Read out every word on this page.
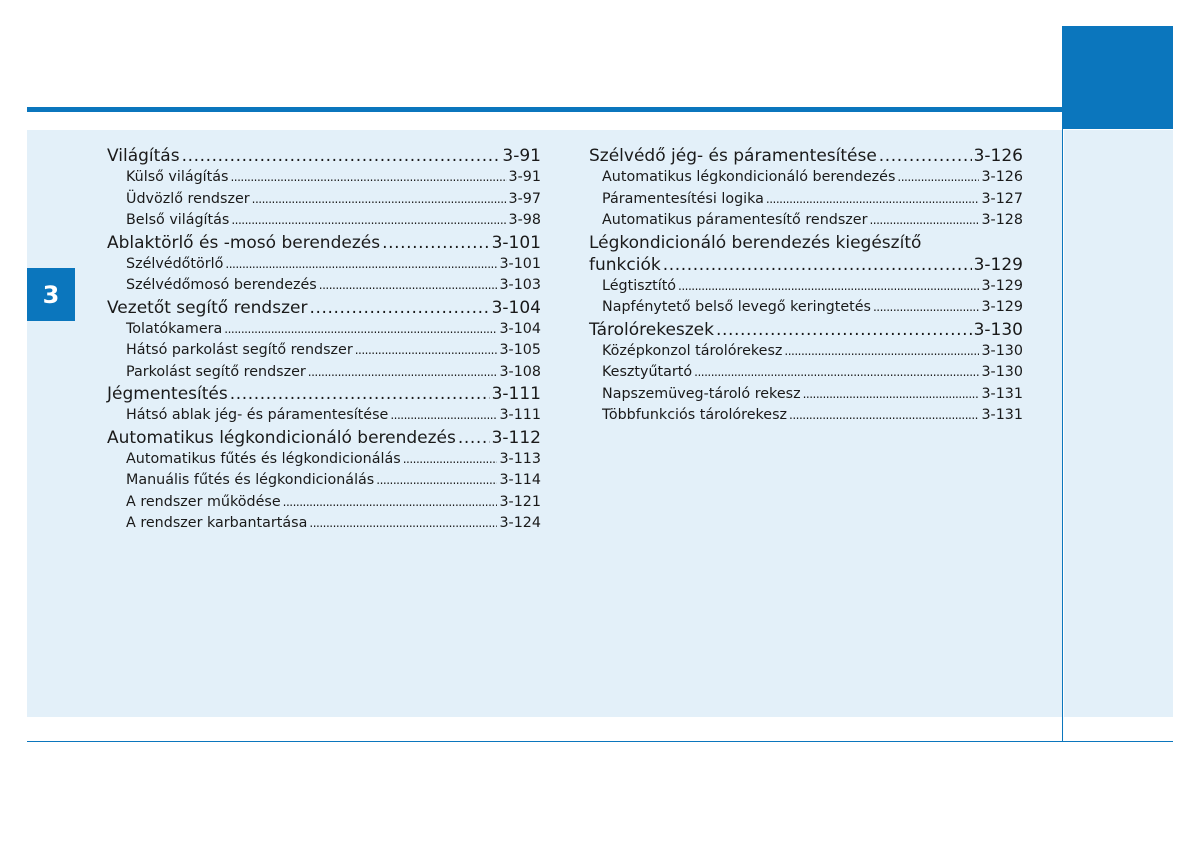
3
Világítás .....	3-91
Külső világítás .....	3-91
Üdvözlő rendszer .....	3-97
Belső világítás .....	3-98
Ablaktörlő és -mosó berendezés .....	3-101
Szélvédőtörlő .....	3-101
Szélvédőmosó berendezés .....	3-103
Vezetőt segítő rendszer .....	3-104
Tolatókamera .....	3-104
Hátsó parkolást segítő rendszer .....	3-105
Parkolást segítő rendszer .....	3-108
Jégmentesítés .....	3-111
Hátsó ablak jég- és páramentesítése .....	3-111
Automatikus légkondicionáló berendezés ..... 3-112
Automatikus fűtés és légkondicionálás .....	3-113
Manuális fűtés és légkondicionálás .....	3-114
A rendszer működése .....	3-121
A rendszer karbantartása .....	3-124
Szélvédő jég- és páramentesítése .....	3-126
Automatikus légkondicionáló berendezés .....	3-126
Páramentesítési logika .....	3-127
Automatikus páramentesítő rendszer .....	3-128
Légkondicionáló berendezés kiegészítő
funkciók .....	3-129
Légtisztító .....	3-129
Napfénytető belső levegő keringtetés .....	3-129
Tárolórekeszek .....	3-130
Középkonzol tárolórekesz .....	3-130
Kesztyűtartó .....	3-130
Napszemüveg-tároló rekesz .....	3-131
Többfunkciós tárolórekesz .....	3-131
